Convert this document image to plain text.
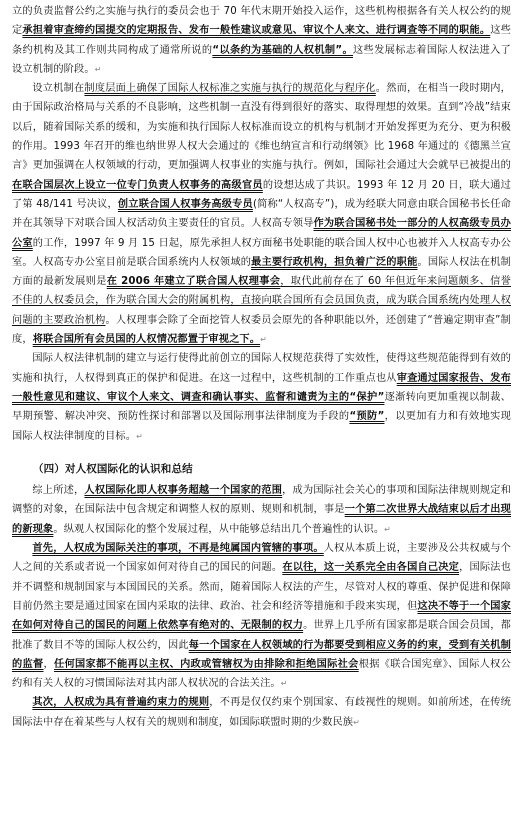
立的负责监督公约之实施与执行的委员会也于 70 年代末期开始投入运作，这些机构根据各有关人权公约的规定承担着审查缔约国提交的定期报告、发布一般性建议或意见、审议个人来文、进行调查等不同的职能。这些条约机构及其工作则共同构成了通常所说的“以条约为基础的人权机制”。这些发展标志着国际人权法进入了设立机制的阶段。↵

设立机制在制度层面上确保了国际人权标准之实施与执行的规范化与程序化。然而，在相当一段时期内，由于国际政治格局与关系的不良影响，这些机制一直没有得到很好的落实、取得理想的效果。直到“冷战”结束以后，随着国际关系的缓和，为实施和执行国际人权标准而设立的机构与机制才开始发挥更为充分、更为积极的作用。1993 年召开的维也纳世界人权大会通过的《维也纳宣言和行动纲领》比 1968 年通过的《德黑兰宣言》更加强调在人权领域的行动，更加强调人权事业的实施与执行。例如，国际社会通过大会就早已被提出的在联合国层次上设立一位专门负责人权事务的高级官员的设想达成了共识。1993 年 12 月 20 日，联大通过了第 48/141 号决议，创立联合国人权事务高级专员(简称“人权高专”)，成为经联大同意由联合国秘书长任命并在其领导下对联合国人权活动负主要责任的官员。人权高专领导作为联合国秘书处一部分的人权高级专员办公室的工作，1997 年 9 月 15 日起，原先承担人权方面秘书处职能的联合国人权中心也被并入人权高专办公室。人权高专办公室目前是联合国系统内人权领域的最主要行政机构，担负着广泛的职能。国际人权法在机制方面的最新发展则是在 2006 年建立了联合国人权理事会，取代此前存在了 60 年但近年来问题颇多、信誉不佳的人权委员会，作为联合国大会的附属机构，直接向联合国所有会员国负责，成为联合国系统内处理人权问题的主要政治机构。人权理事会除了全面挖管人权委员会原先的各种职能以外，还创建了“普遍定期审查”制度，将联合国所有会员国的人权情况都置于审视之下。↵

国际人权法律机制的建立与运行使得此前创立的国际人权规范获得了实效性，使得这些规范能得到有效的实施和执行，人权得到真正的保护和促进。在这一过程中，这些机制的工作重点也从审查通过国家报告、发布一般性意见和建议、审议个人来文、调查和确认事实、监督和谴责为主的“保护”逐渐转向更加重视以制裁、早期预警、解决冲突、预防性探讨和部署以及国际刑事法律制度为手段的“预防”，以更加有力和有效地实现国际人权法律制度的目标。↵

（四）对人权国际化的认识和总结

综上所述，人权国际化即人权事务超越一个国家的范围，成为国际社会关心的事项和国际法律规则规定和调整的对象，在国际法中包含规定和调整人权的原则、规则和机制，事是一个第二次世界大战结束以后才出现的新现象。纵观人权国际化的整个发展过程，从中能够总结出几个普遍性的认识。↵

首先，人权成为国际关注的事项，不再是纯属国内管辖的事项。人权从本质上说，主要涉及公共权威与个人之间的关系或者说一个国家如何对待自己的国民的问题。在以往，这一关系完全由各国自己决定，国际法也并不调整和规制国家与本国国民的关系。然而，随着国际人权法的产生，尽管对人权的尊重、保护促进和保障目前仍然主要是通过国家在国内采取的法律、政治、社会和经济等措施和手段来实现，但这决不等于一个国家在如何对待自己的国民的问题上依然享有绝对的、无限制的权力。世界上几乎所有国家都是联合国会员国，都批准了数目不等的国际人权公约，因此每一个国家在人权领域的行为都要受到相应义务的约束，受到有关机制的监督，任何国家都不能再以主权、内政或管辖权为由排除和拒绝国际社会根据《联合国宪章》、国际人权公约和有关人权的习惯国际法对其内部人权状况的合法关注。↵

其次，人权成为具有普遍约束力的规则，不再是仅仅约束个别国家、有歧视性的规则。如前所述，在传统国际法中存在着某些与人权有关的规则和制度，如国际联盟时期的少数民族↵
